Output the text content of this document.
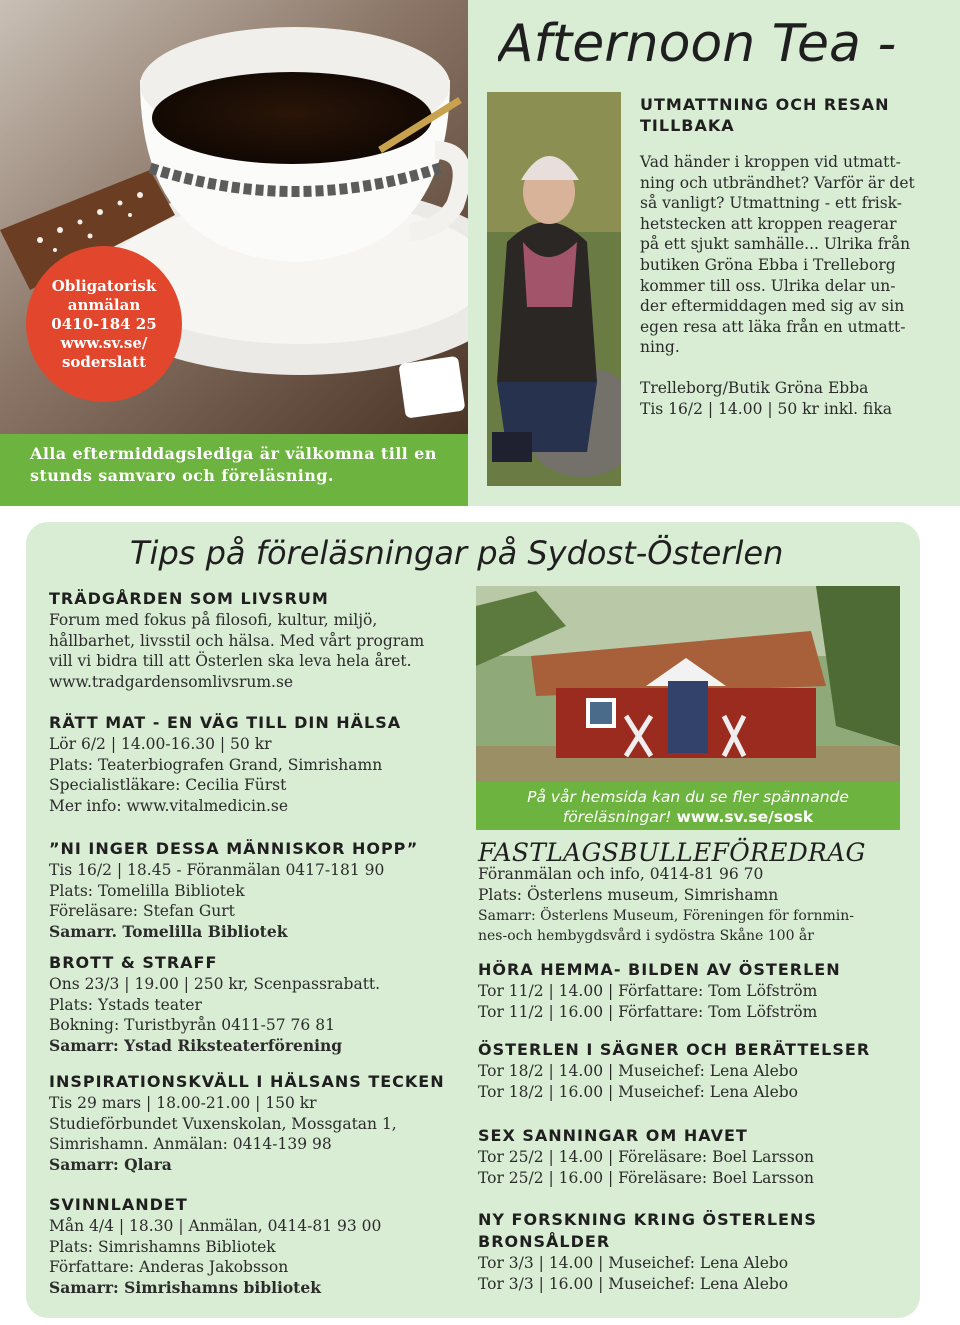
Afternoon Tea -
Obligatorisk
anmälan
0410-184 25
www.sv.se/
soderslatt
Alla eftermiddagslediga är välkomna till en
stunds samvaro och föreläsning.
UTMATTNING OCH RESAN
TILLBAKA
Vad händer i kroppen vid utmatt-
ning och utbrändhet? Varför är det
så vanligt? Utmattning - ett frisk-
hetstecken att kroppen reagerar
på ett sjukt samhälle... Ulrika från
butiken Gröna Ebba i Trelleborg
kommer till oss. Ulrika delar un-
der eftermiddagen med sig av sin
egen resa att läka från en utmatt-
ning.
Trelleborg/Butik Gröna Ebba
Tis 16/2 | 14.00 | 50 kr inkl. fika
Tips på föreläsningar på Sydost-Österlen
TRÄDGÅRDEN SOM LIVSRUM
Forum med fokus på filosofi, kultur, miljö,
hållbarhet, livsstil och hälsa. Med vårt program
vill vi bidra till att Österlen ska leva hela året.
www.tradgardensomlivsrum.se
RÄTT MAT - EN VÄG TILL DIN HÄLSA
Lör 6/2 | 14.00-16.30 | 50 kr
Plats: Teaterbiografen Grand, Simrishamn
Specialistläkare: Cecilia Fürst
Mer info: www.vitalmedicin.se
”NI INGER DESSA MÄNNISKOR HOPP”
Tis 16/2 | 18.45 - Föranmälan 0417-181 90
Plats: Tomelilla Bibliotek
Föreläsare: Stefan Gurt
Samarr. Tomelilla Bibliotek
BROTT & STRAFF
Ons 23/3 | 19.00 | 250 kr, Scenpassrabatt.
Plats: Ystads teater
Bokning: Turistbyrån 0411-57 76 81
Samarr: Ystad Riksteaterförening
INSPIRATIONSKVÄLL I HÄLSANS TECKEN
Tis 29 mars | 18.00-21.00 | 150 kr
Studieförbundet Vuxenskolan, Mossgatan 1,
Simrishamn. Anmälan: 0414-139 98
Samarr: Qlara
SVINNLANDET
Mån 4/4 | 18.30 | Anmälan, 0414-81 93 00
Plats: Simrishamns Bibliotek
Författare: Anderas Jakobsson
Samarr: Simrishamns bibliotek
På vår hemsida kan du se fler spännande
föreläsningar! www.sv.se/sosk
FASTLAGSBULLEFÖREDRAG
Föranmälan och info, 0414-81 96 70
Plats: Österlens museum, Simrishamn
Samarr: Österlens Museum, Föreningen för fornmin-
nes-och hembygdsvård i sydöstra Skåne 100 år
HÖRA HEMMA- BILDEN AV ÖSTERLEN
Tor 11/2 | 14.00 | Författare: Tom Löfström
Tor 11/2 | 16.00 | Författare: Tom Löfström
ÖSTERLEN I SÄGNER OCH BERÄTTELSER
Tor 18/2 | 14.00 | Museichef: Lena Alebo
Tor 18/2 | 16.00 | Museichef: Lena Alebo
SEX SANNINGAR OM HAVET
Tor 25/2 | 14.00 | Föreläsare: Boel Larsson
Tor 25/2 | 16.00 | Föreläsare: Boel Larsson
NY FORSKNING KRING ÖSTERLENS
BRONSÅLDER
Tor 3/3 | 14.00 | Museichef: Lena Alebo
Tor 3/3 | 16.00 | Museichef: Lena Alebo
